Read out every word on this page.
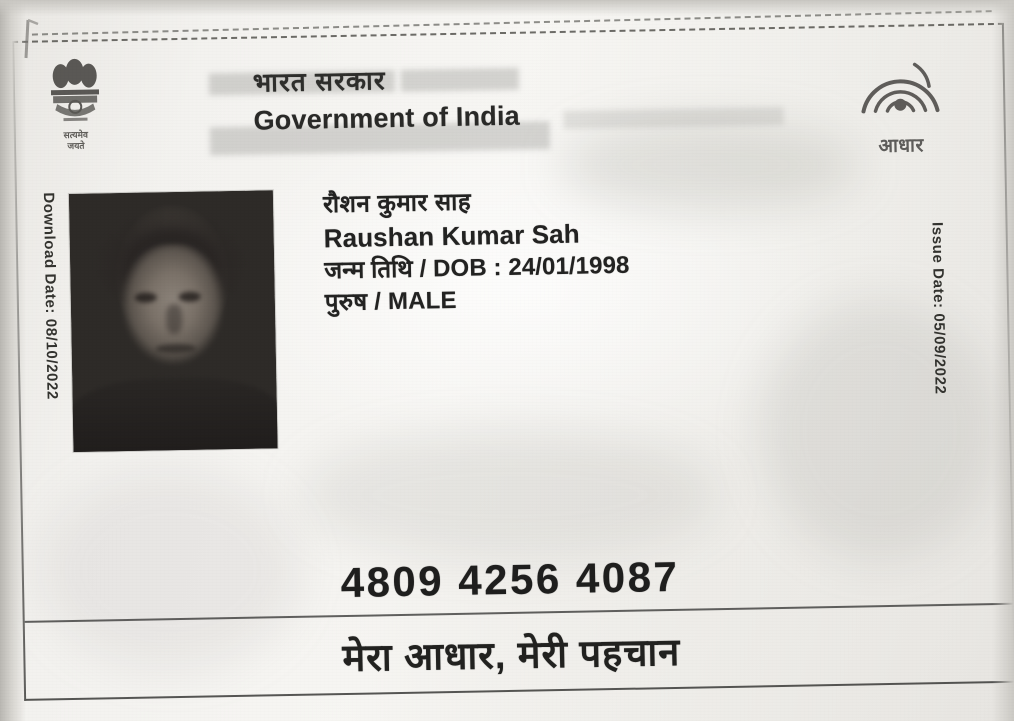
सत्यमेव
जयते	आधार
भारत सरकार
Government of India
रौशन कुमार साह
Raushan Kumar Sah
जन्म तिथि / DOB : 24/01/1998
पुरुष / MALE
Download Date: 08/10/2022	Issue Date: 05/09/2022
4809 4256 4087
मेरा आधार, मेरी पहचान
